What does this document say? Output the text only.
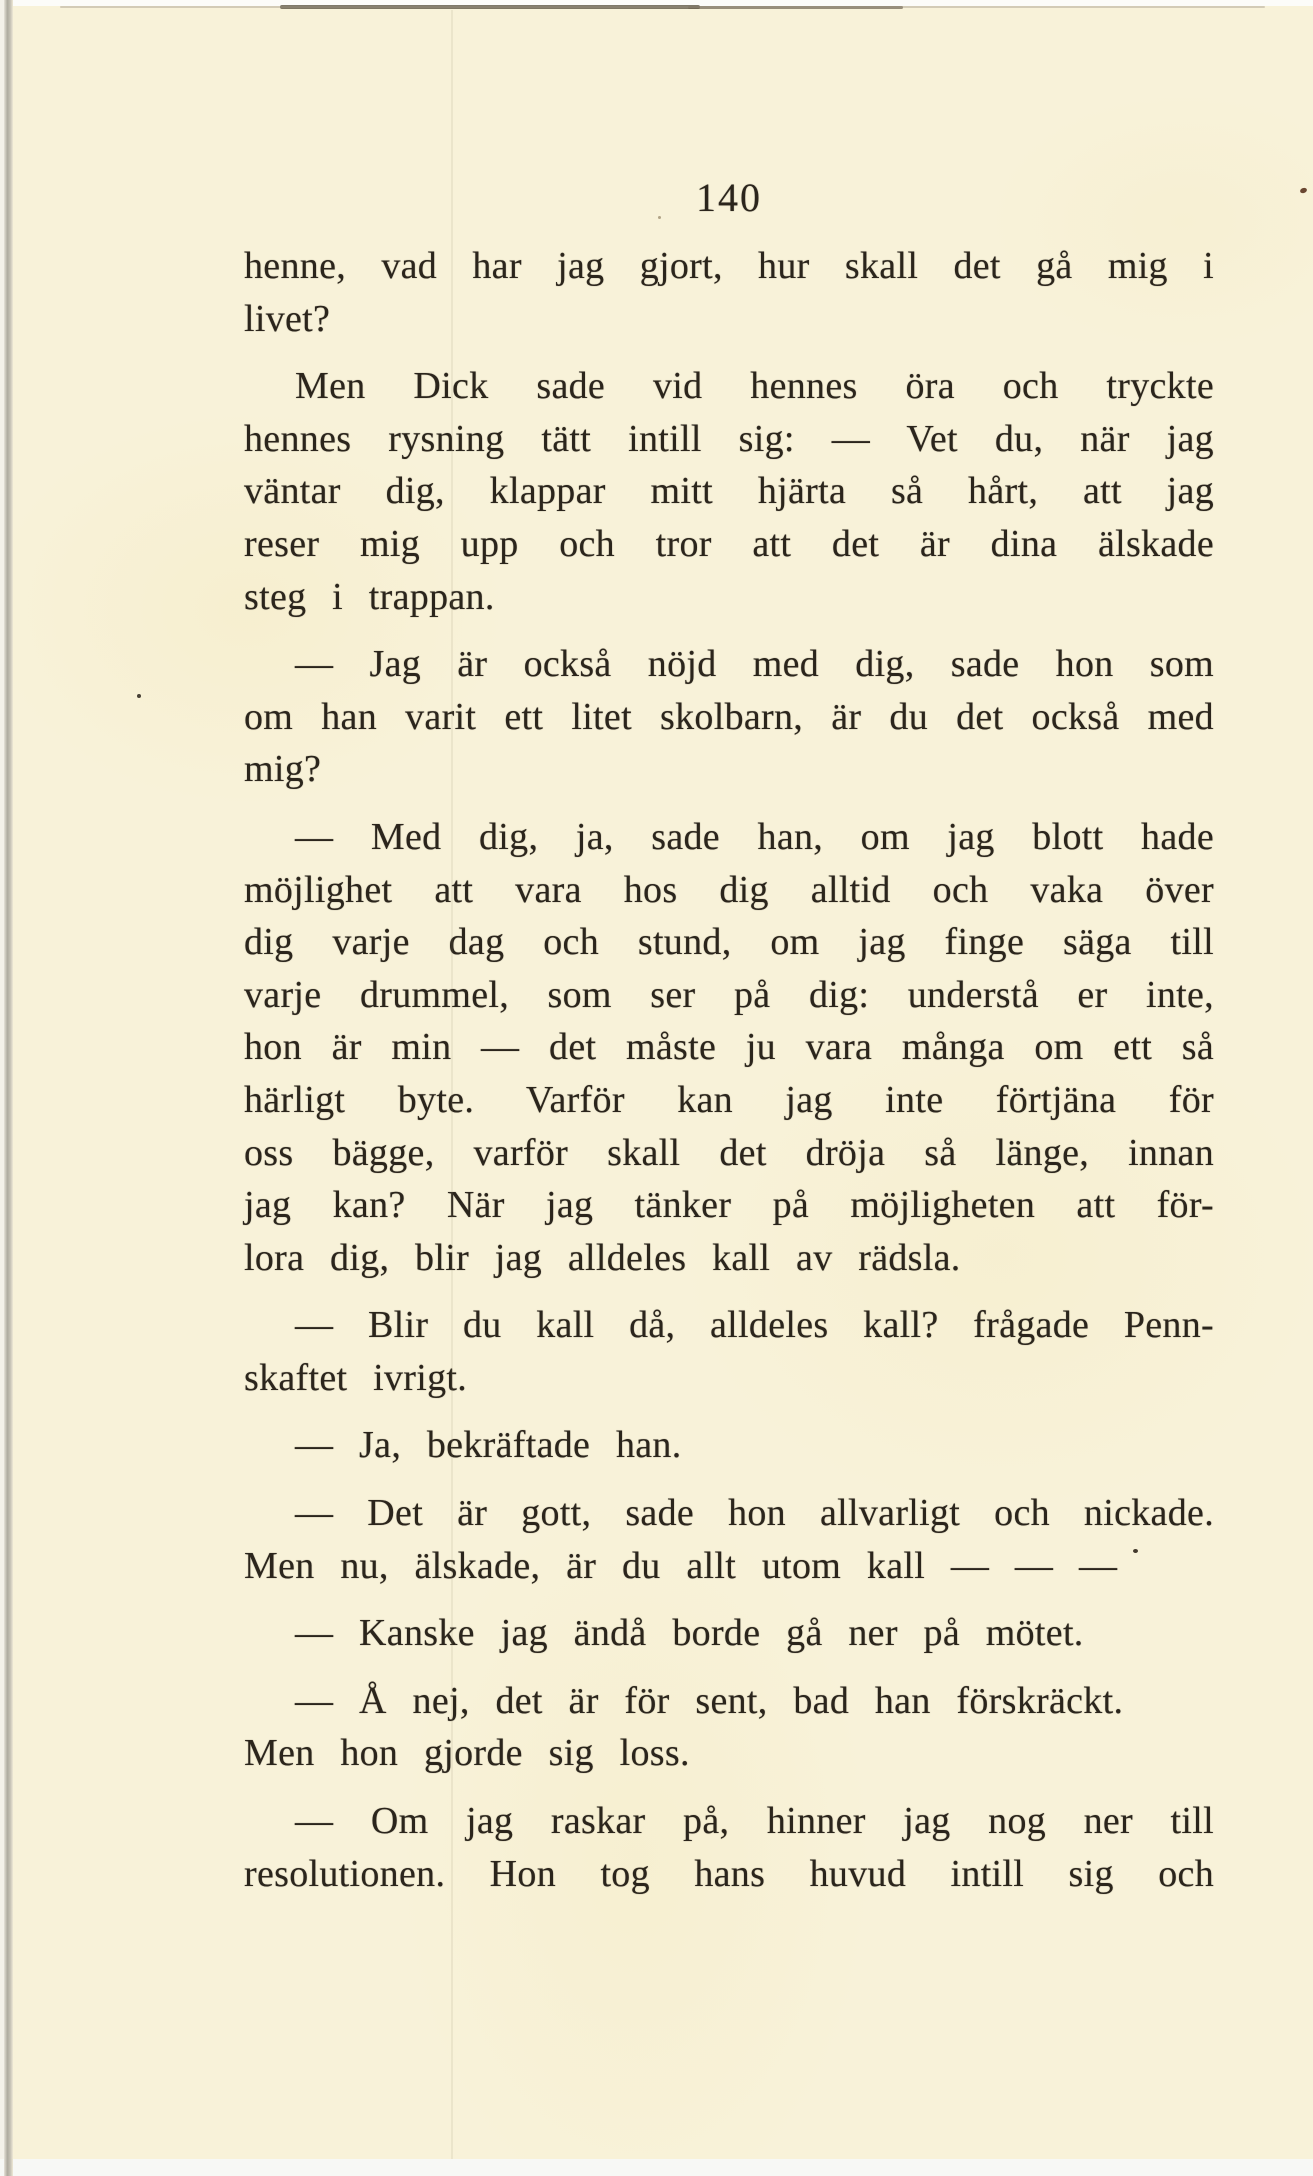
140
henne, vad har jag gjort, hur skall det gå mig i
livet?
Men Dick sade vid hennes öra och tryckte
hennes rysning tätt intill sig: — Vet du, när jag
väntar dig, klappar mitt hjärta så hårt, att jag
reser mig upp och tror att det är dina älskade
steg i trappan.
— Jag är också nöjd med dig, sade hon som
om han varit ett litet skolbarn, är du det också med
mig?
— Med dig, ja, sade han, om jag blott hade
möjlighet att vara hos dig alltid och vaka över
dig varje dag och stund, om jag finge säga till
varje drummel, som ser på dig: understå er inte,
hon är min — det måste ju vara många om ett så
härligt byte. Varför kan jag inte förtjäna för
oss bägge, varför skall det dröja så länge, innan
jag kan? När jag tänker på möjligheten att för-
lora dig, blir jag alldeles kall av rädsla.
— Blir du kall då, alldeles kall? frågade Penn-
skaftet ivrigt.
— Ja, bekräftade han.
— Det är gott, sade hon allvarligt och nickade.
Men nu, älskade, är du allt utom kall — — —
— Kanske jag ändå borde gå ner på mötet.
— Å nej, det är för sent, bad han förskräckt.
Men hon gjorde sig loss.
— Om jag raskar på, hinner jag nog ner till
resolutionen. Hon tog hans huvud intill sig och
